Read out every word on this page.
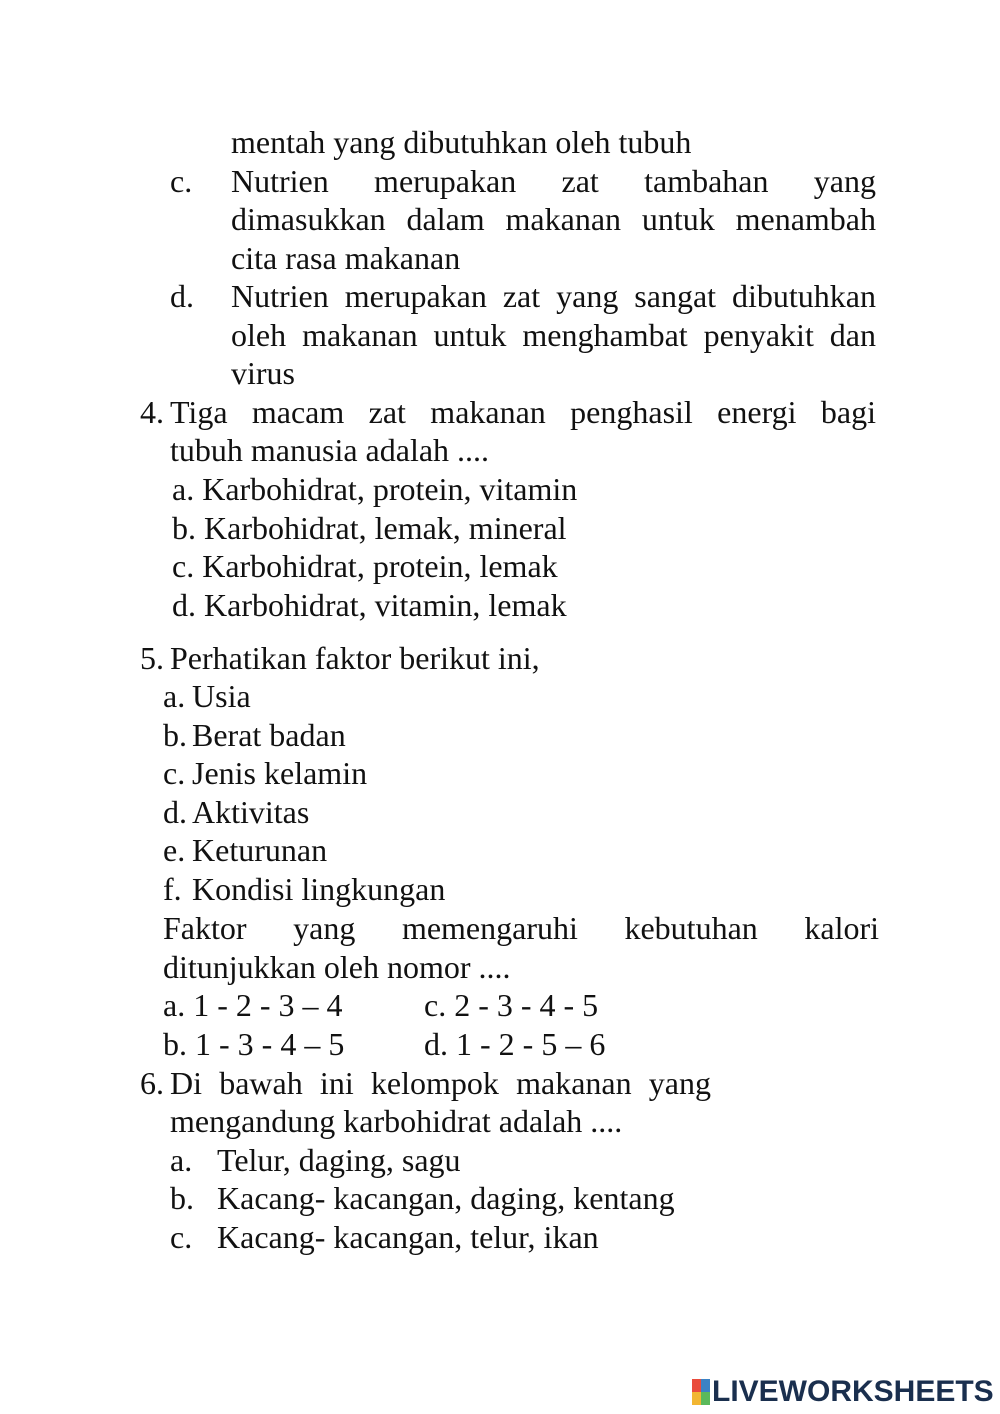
mentah yang dibutuhkan oleh tubuh
c. Nutrien merupakan zat tambahan yang
dimasukkan dalam makanan untuk menambah
cita rasa makanan
d. Nutrien merupakan zat yang sangat dibutuhkan
oleh makanan untuk menghambat penyakit dan
virus
4. Tiga macam zat makanan penghasil energi bagi
tubuh manusia adalah ....
a. Karbohidrat, protein, vitamin
b. Karbohidrat, lemak, mineral
c. Karbohidrat, protein, lemak
d. Karbohidrat, vitamin, lemak
5. Perhatikan faktor berikut ini,
a. Usia
b. Berat badan
c. Jenis kelamin
d. Aktivitas
e. Keturunan
f. Kondisi lingkungan
Faktor yang memengaruhi kebutuhan kalori
ditunjukkan oleh nomor ....
a. 1 - 2 - 3 – 4	c. 2 - 3 - 4 - 5
b. 1 - 3 - 4 – 5 d. 1 - 2 - 5 – 6
6. Di bawah ini kelompok makanan yang
mengandung karbohidrat adalah ....
a. Telur, daging, sagu
b. Kacang- kacangan, daging, kentang
c. Kacang- kacangan, telur, ikan
LIVEWORKSHEETS
